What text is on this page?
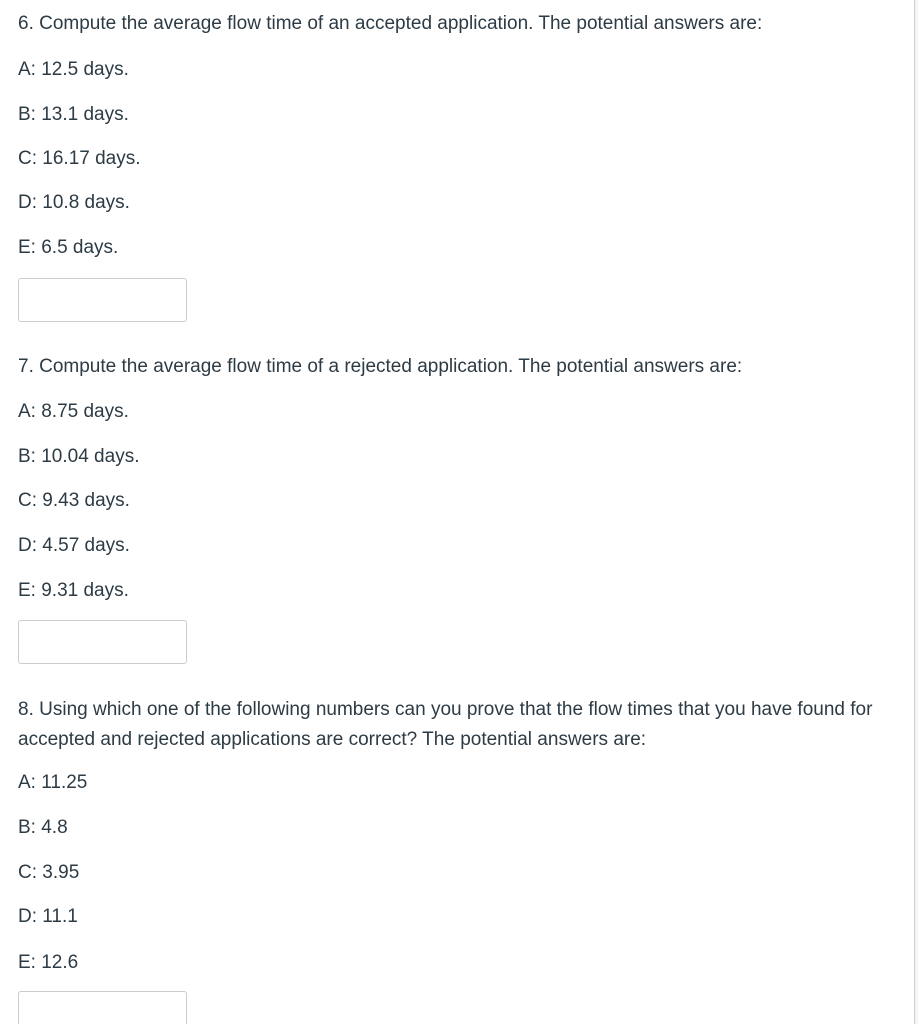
6. Compute the average flow time of an accepted application. The potential answers are:

A: 12.5 days.
B: 13.1 days.
C: 16.17 days.
D: 10.8 days.
E: 6.5 days.

7. Compute the average flow time of a rejected application. The potential answers are:

A: 8.75 days.
B: 10.04 days.
C: 9.43 days.
D: 4.57 days.
E: 9.31 days.

8. Using which one of the following numbers can you prove that the flow times that you have found for accepted and rejected applications are correct? The potential answers are:

A: 11.25
B: 4.8
C: 3.95
D: 11.1
E: 12.6
